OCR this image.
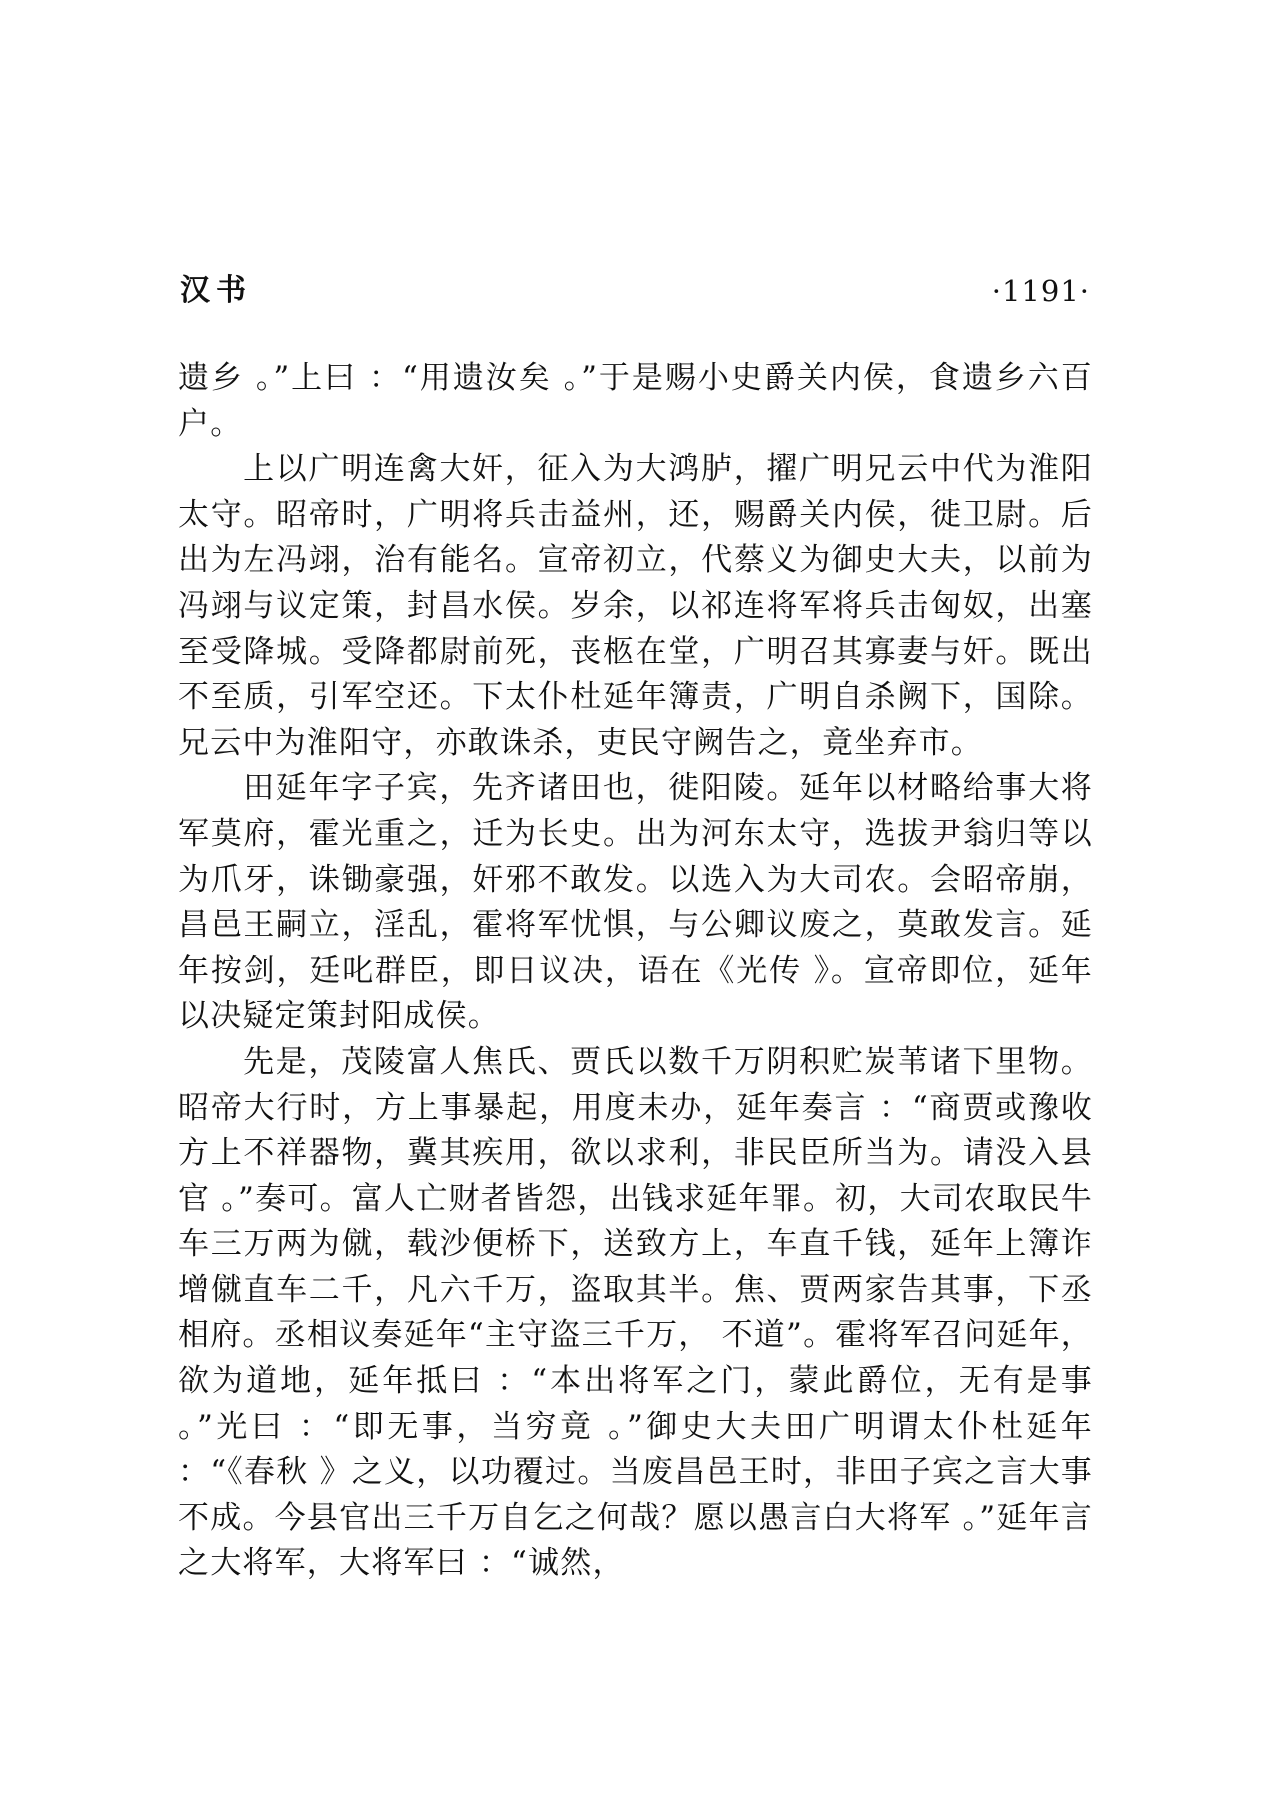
汉书	·1191·

遗乡 。”上曰 ：“用遗汝矣 。”于是赐小史爵关内侯，食遗乡六百户。

上以广明连禽大奸，征入为大鸿胪，擢广明兄云中代为淮阳太守。昭帝时，广明将兵击益州，还，赐爵关内侯，徙卫尉。后出为左冯翊，治有能名。宣帝初立，代蔡义为御史大夫，以前为冯翊与议定策，封昌水侯。岁余，以祁连将军将兵击匈奴，出塞至受降城。受降都尉前死，丧柩在堂，广明召其寡妻与奸。既出不至质，引军空还。下太仆杜延年簿责，广明自杀阙下，国除。兄云中为淮阳守，亦敢诛杀，吏民守阙告之，竟坐弃市。

田延年字子宾，先齐诸田也，徙阳陵。延年以材略给事大将军莫府，霍光重之，迁为长史。出为河东太守，选拔尹翁归等以为爪牙，诛锄豪强，奸邪不敢发。以选入为大司农。会昭帝崩，昌邑王嗣立，淫乱，霍将军忧惧，与公卿议废之，莫敢发言。延年按剑，廷叱群臣，即日议决，语在《光传 》。宣帝即位，延年以决疑定策封阳成侯。

先是，茂陵富人焦氏、贾氏以数千万阴积贮炭苇诸下里物。昭帝大行时，方上事暴起，用度未办，延年奏言 ：“商贾或豫收方上不祥器物，冀其疾用，欲以求利，非民臣所当为。请没入县官 。”奏可。富人亡财者皆怨，出钱求延年罪。初，大司农取民牛车三万两为僦，载沙便桥下，送致方上，车直千钱，延年上簿诈增僦直车二千，凡六千万，盗取其半。焦、贾两家告其事，下丞相府。丞相议奏延年“主守盗三千万， 不道”。霍将军召问延年，欲为道地，延年抵曰 ：“本出将军之门，蒙此爵位，无有是事 。”光曰 ：“即无事，当穷竟 。”御史大夫田广明谓太仆杜延年 ：“《春秋 》之义，以功覆过。当废昌邑王时，非田子宾之言大事不成。今县官出三千万自乞之何哉？愿以愚言白大将军 。”延年言之大将军，大将军曰 ：“诚然，
